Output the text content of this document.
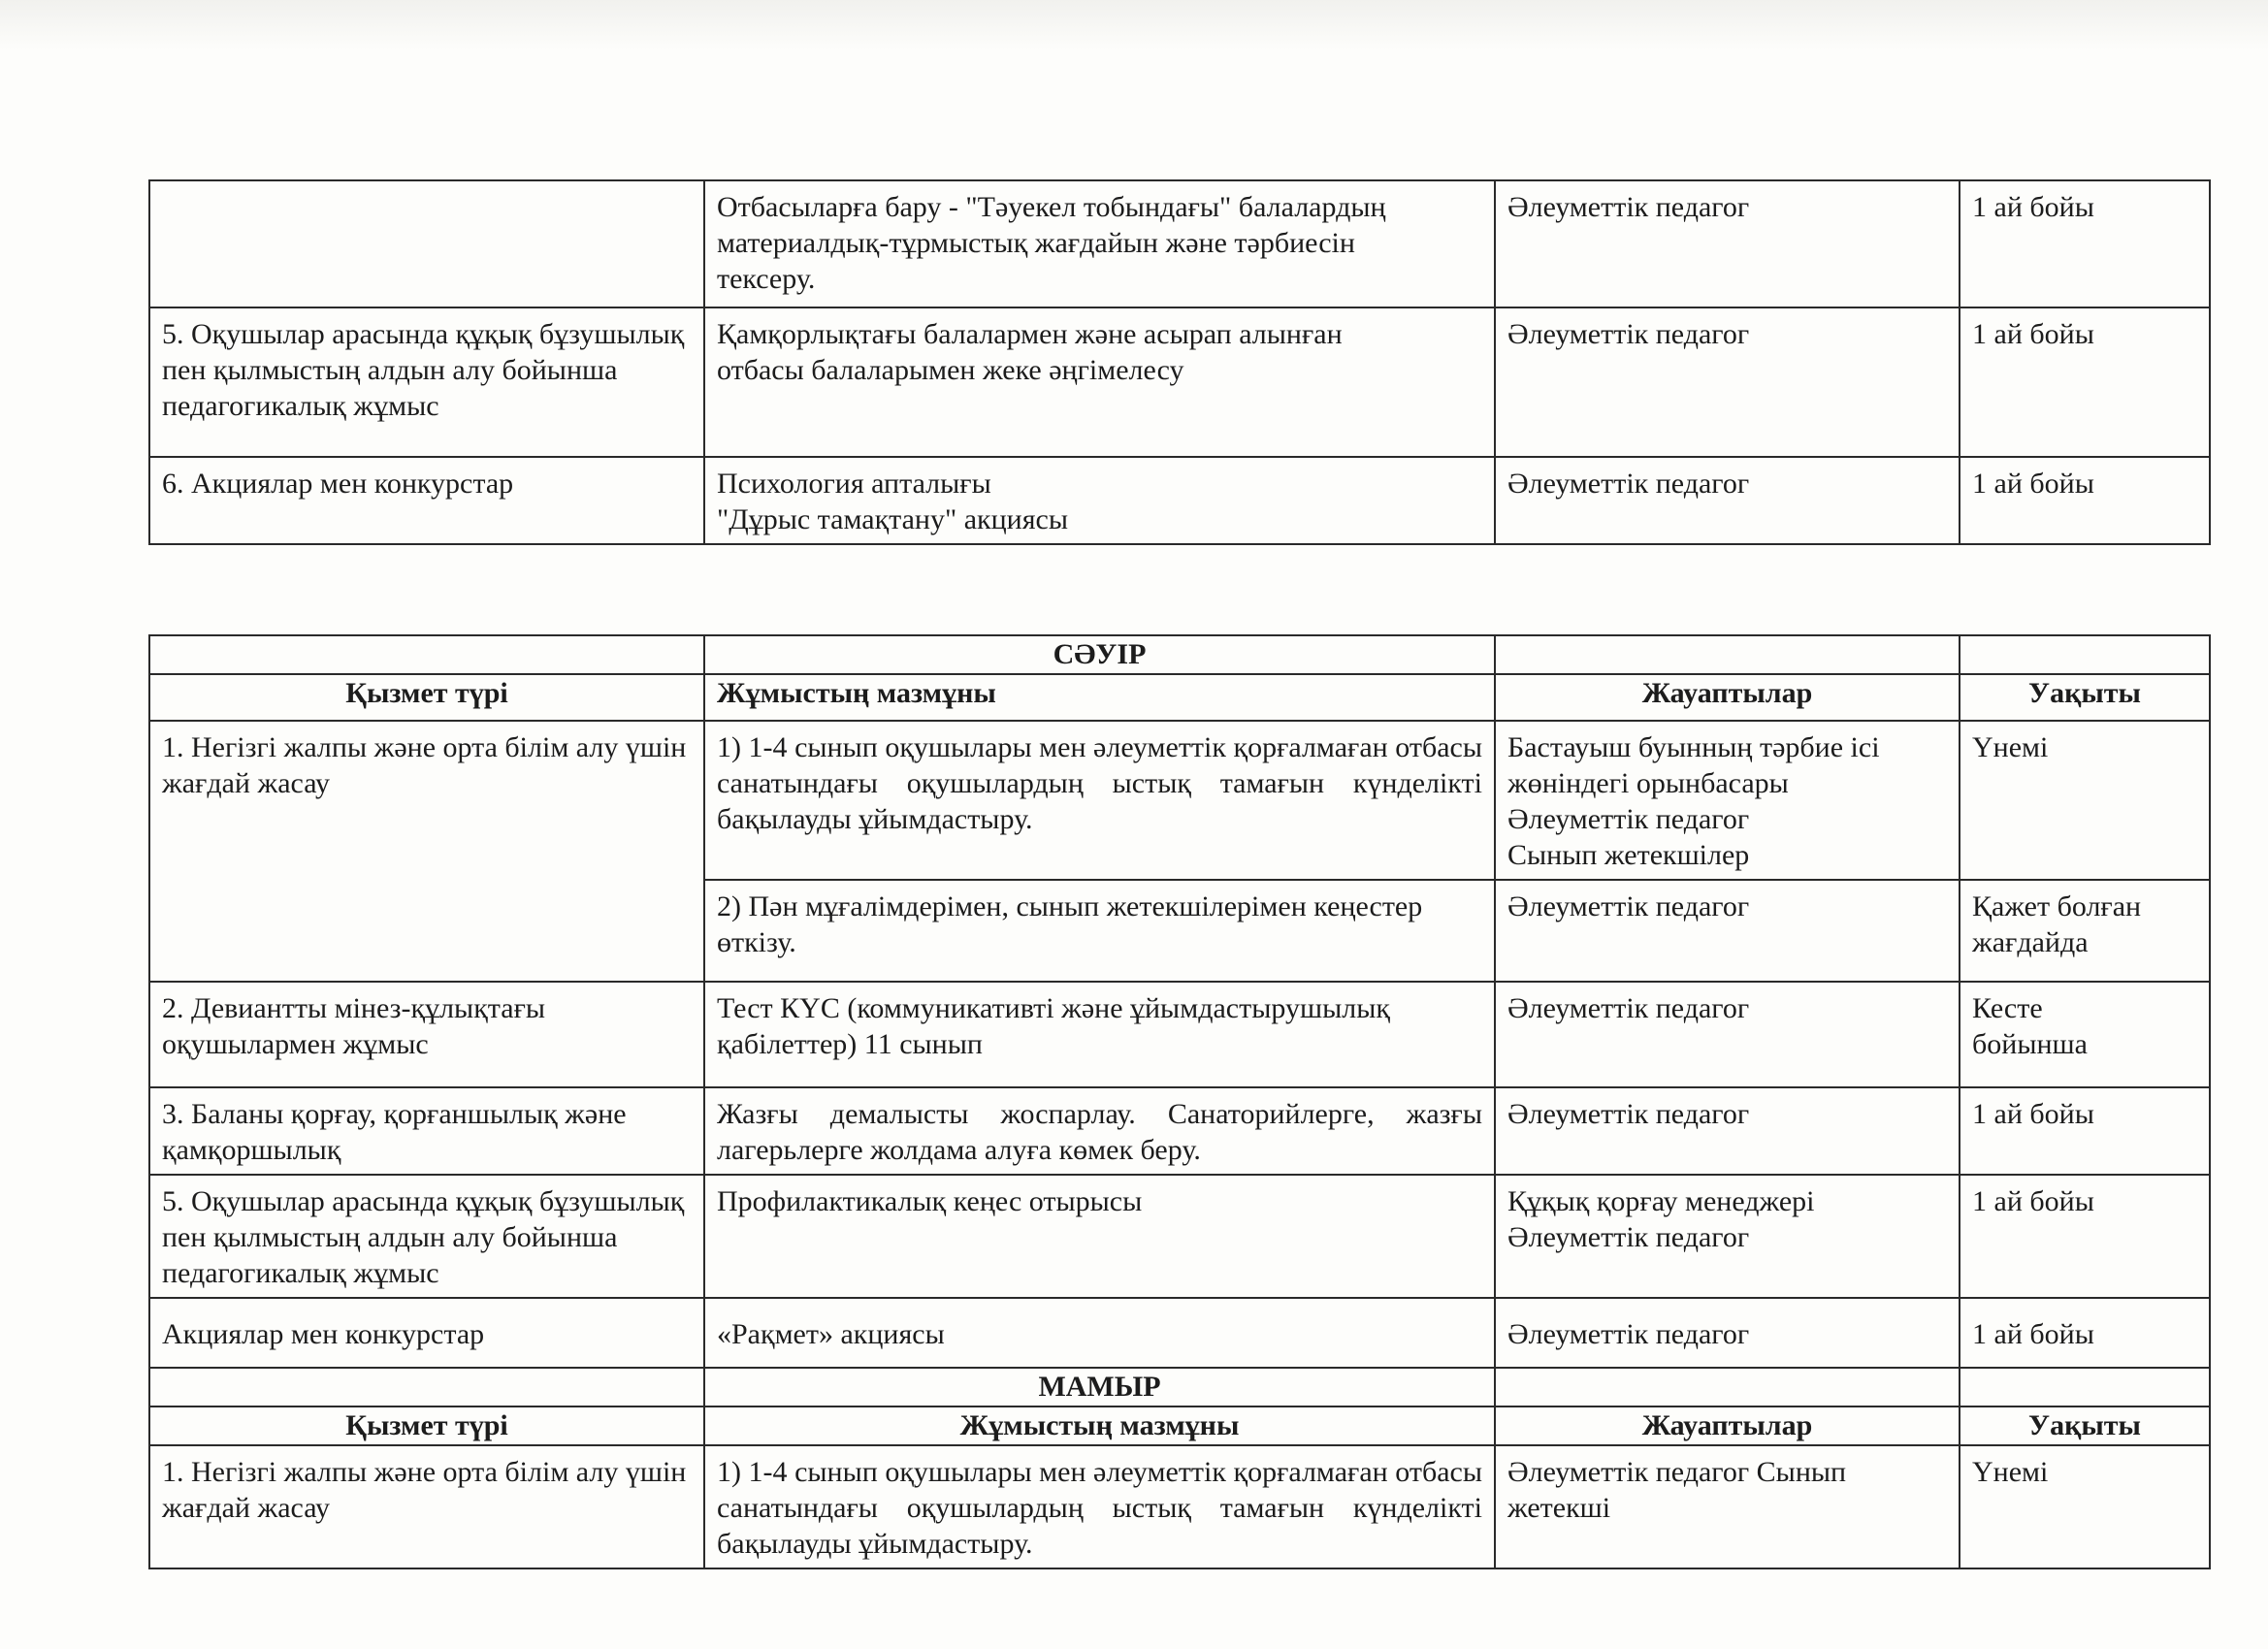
	Отбасыларға бару - "Тәуекел тобындағы" балалардың
материалдық-тұрмыстық жағдайын және тәрбиесін
тексеру.	Әлеуметтік педагог	1 ай бойы
5. Оқушылар арасында құқық бұзушылық пен қылмыстың алдын алу бойынша педагогикалық жұмыс	Қамқорлықтағы балалармен және асырап алынған
отбасы балаларымен жеке әңгімелесу	Әлеуметтік педагог	1 ай бойы
6. Акциялар мен конкурстар	Психология апталығы
"Дұрыс тамақтану" акциясы	Әлеуметтік педагог	1 ай бойы
	СӘУІР		
Қызмет түрі	Жұмыстың мазмұны	Жауаптылар	Уақыты
1. Негізгі жалпы және орта білім алу үшін жағдай жасау	1) 1-4 сынып оқушылары мен әлеуметтік қорғалмаған отбасы санатындағы оқушылардың ыстық тамағын күнделікті бақылауды ұйымдастыру.	Бастауыш буынның тәрбие ісі
жөніндегі орынбасары
Әлеуметтік педагог
Сынып жетекшілер	Үнемі
	2) Пән мұғалімдерімен, сынып жетекшілерімен кеңестер өткізу.	Әлеуметтік педагог	Қажет болған
жағдайда

2. Девиантты мінез-құлықтағы оқушылармен жұмыс	Тест КҮС (коммуникативті және ұйымдастырушылық қабілеттер) 11 сынып	Әлеуметтік педагог	Кесте
бойынша

3. Баланы қорғау, қорғаншылық және қамқоршылық	Жазғы демалысты жоспарлау. Санаторийлерге, жазғы лагерьлерге жолдама алуға көмек беру.	Әлеуметтік педагог	1 ай бойы
5. Оқушылар арасында құқық бұзушылық пен қылмыстың алдын алу бойынша педагогикалық жұмыс	Профилактикалық кеңес отырысы	Құқық қорғау менеджері
Әлеуметтік педагог	1 ай бойы
Акциялар мен конкурстар	«Рақмет» акциясы	Әлеуметтік педагог	1 ай бойы
	МАМЫР		
Қызмет түрі	Жұмыстың мазмұны	Жауаптылар	Уақыты
1. Негізгі жалпы және орта білім алу үшін жағдай жасау	1) 1-4 сынып оқушылары мен әлеуметтік қорғалмаған отбасы санатындағы оқушылардың ыстық тамағын күнделікті бақылауды ұйымдастыру.	Әлеуметтік педагог Сынып
жетекші	Үнемі
